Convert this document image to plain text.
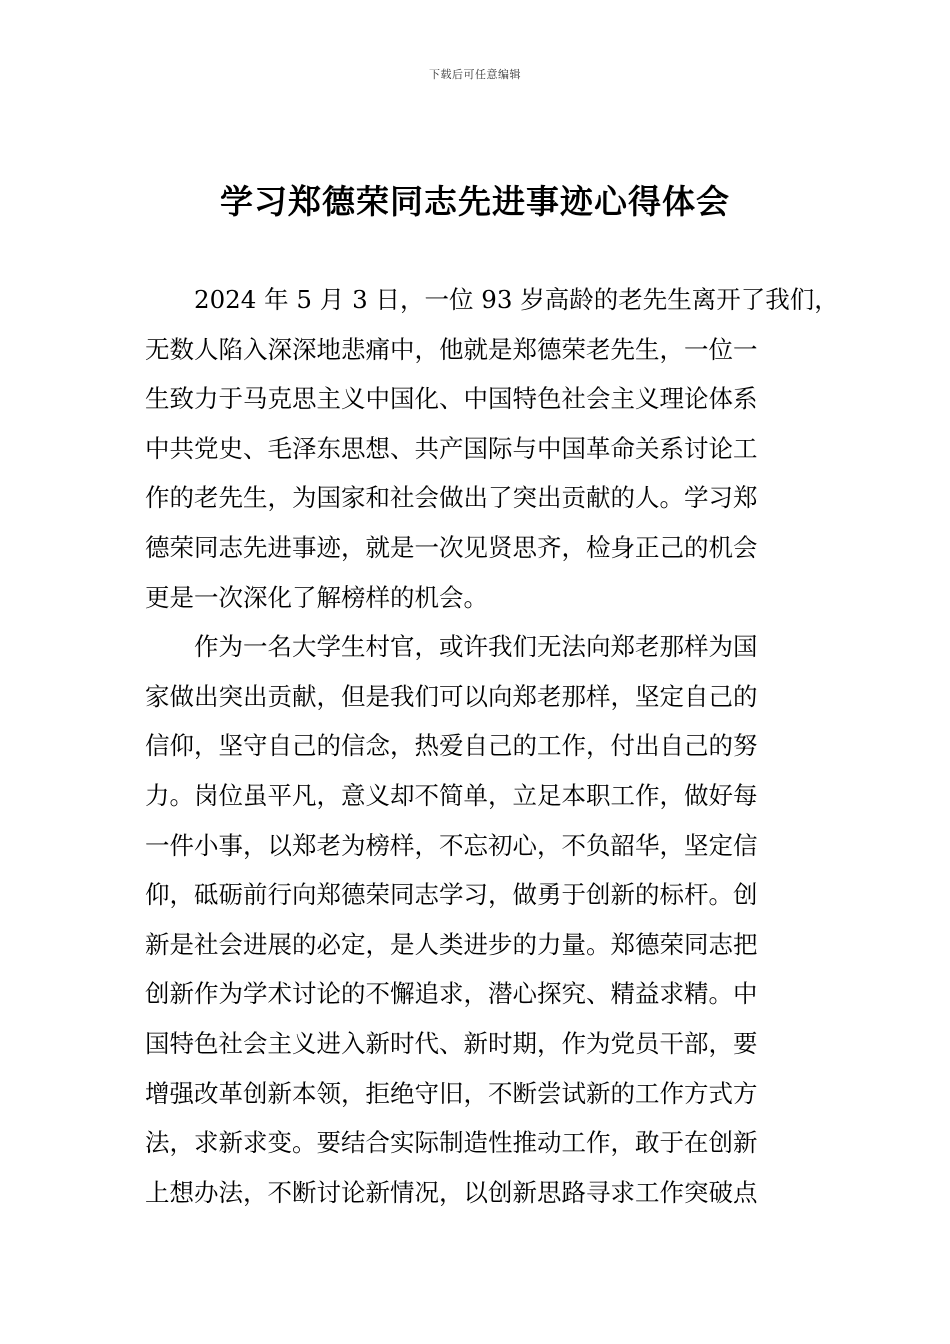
下载后可任意编辑
学习郑德荣同志先进事迹心得体会
2024 年 5 月 3 日，一位 93 岁高龄的老先生离开了我们，
无数人陷入深深地悲痛中，他就是郑德荣老先生，一位一
生致力于马克思主义中国化、中国特色社会主义理论体系
中共党史、毛泽东思想、共产国际与中国革命关系讨论工
作的老先生，为国家和社会做出了突出贡献的人。学习郑
德荣同志先进事迹，就是一次见贤思齐，检身正己的机会
更是一次深化了解榜样的机会。
作为一名大学生村官，或许我们无法向郑老那样为国
家做出突出贡献，但是我们可以向郑老那样，坚定自己的
信仰，坚守自己的信念，热爱自己的工作，付出自己的努
力。岗位虽平凡，意义却不简单，立足本职工作，做好每
一件小事，以郑老为榜样，不忘初心，不负韶华，坚定信
仰，砥砺前行向郑德荣同志学习，做勇于创新的标杆。创
新是社会进展的必定，是人类进步的力量。郑德荣同志把
创新作为学术讨论的不懈追求，潜心探究、精益求精。中
国特色社会主义进入新时代、新时期，作为党员干部，要
增强改革创新本领，拒绝守旧，不断尝试新的工作方式方
法，求新求变。要结合实际制造性推动工作，敢于在创新
上想办法，不断讨论新情况，以创新思路寻求工作突破点
